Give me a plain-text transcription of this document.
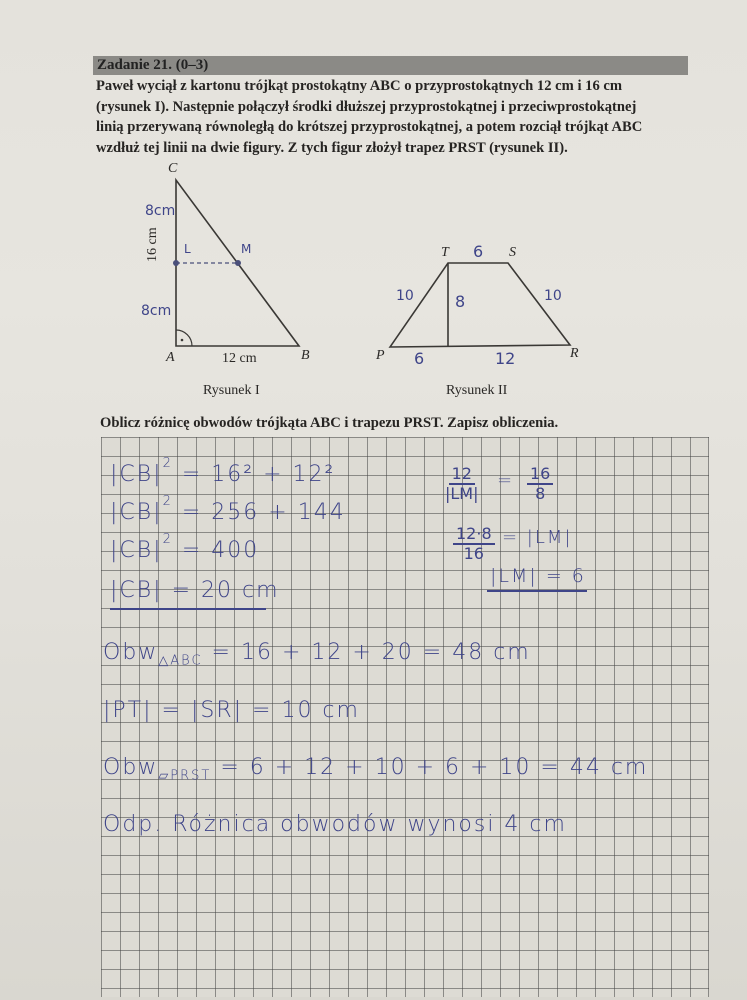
Zadanie 21. (0–3)

Paweł wyciął z kartonu trójkąt prostokątny ABC o przyprostokątnych 12 cm i 16 cm

(rysunek I). Następnie połączył środki dłuższej przyprostokątnej i przeciwprostokątnej

linią przerywaną równoległą do krótszej przyprostokątnej, a potem rozciął trójkąt ABC

wzdłuż tej linii na dwie figury. Z tych figur złożył trapez PRST (rysunek II).

C
A	B
12 cm
16 cm
8cm
8cm
L	M
Rysunek I
T	S
P	R
6
10	10
8
6	12
Rysunek II
Oblicz różnicę obwodów trójkąta ABC i trapezu PRST. Zapisz obliczenia.
$|CB|^2 = 16^2 + 12^2$
$|CB|^2 = 256 + 144$
$|CB|^2 = 400$
|CB| = 20 cm
$\frac{12}{|LM|} = \frac{16}{8}$
$\frac{12\cdot 8}{16} = |LM|$
|LM| = 6
Obw$_{\triangle ABC}$ = 16 + 12 + 20 = 48 cm
|PT| = |SR| = 10 cm
Obw$_{▱PRST}$ = 6 + 12 + 10 + 6 + 10 = 44 cm
Odp. Różnica obwodów wynosi 4 cm
